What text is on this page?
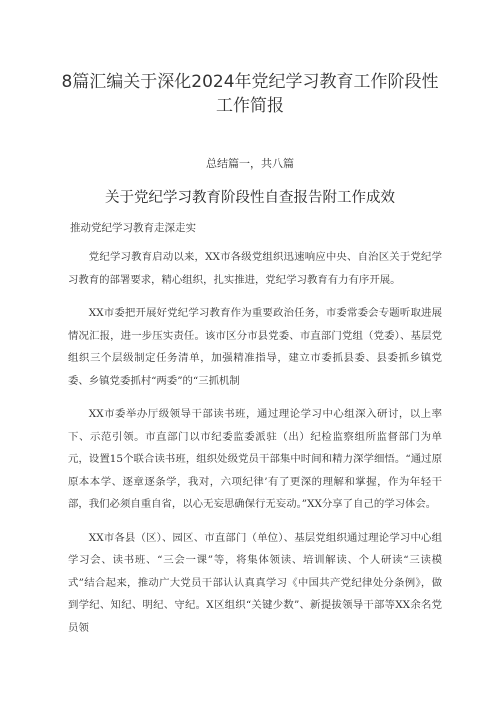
8篇汇编关于深化2024年党纪学习教育工作阶段性
工作简报
总结篇一，共八篇
关于党纪学习教育阶段性自查报告附工作成效
推动党纪学习教育走深走实

党纪学习教育启动以来，XX市各级党组织迅速响应中央、自治区关于党纪学习教育的部署要求，精心组织，扎实推进，党纪学习教育有力有序开展。

XX市委把开展好党纪学习教育作为重要政治任务，市委常委会专题听取进展情况汇报，进一步压实责任。该市区分市县党委、市直部门党组（党委）、基层党组织三个层级制定任务清单，加强精准指导，建立市委抓县委、县委抓乡镇党委、乡镇党委抓村“两委”的“三抓机制

XX市委举办厅级领导干部读书班，通过理论学习中心组深入研讨，以上率下、示范引领。市直部门以市纪委监委派驻（出）纪检监察组所监督部门为单元，设置15个联合读书班，组织处级党员干部集中时间和精力深学细悟。“通过原原本本学、逐章逐条学，我对，六项纪律’有了更深的理解和掌握，作为年轻干部，我们必须自重自省，以心无妄思确保行无妄动。”XX分享了自己的学习体会。

XX市各县（区）、园区、市直部门（单位）、基层党组织通过理论学习中心组学习会、读书班、“三会一课”等，将集体领读、培训解读、个人研读“三读模式”结合起来，推动广大党员干部认认真真学习《中国共产党纪律处分条例》，做到学纪、知纪、明纪、守纪。X区组织“关键少数”、新提拔领导干部等XX余名党员领
